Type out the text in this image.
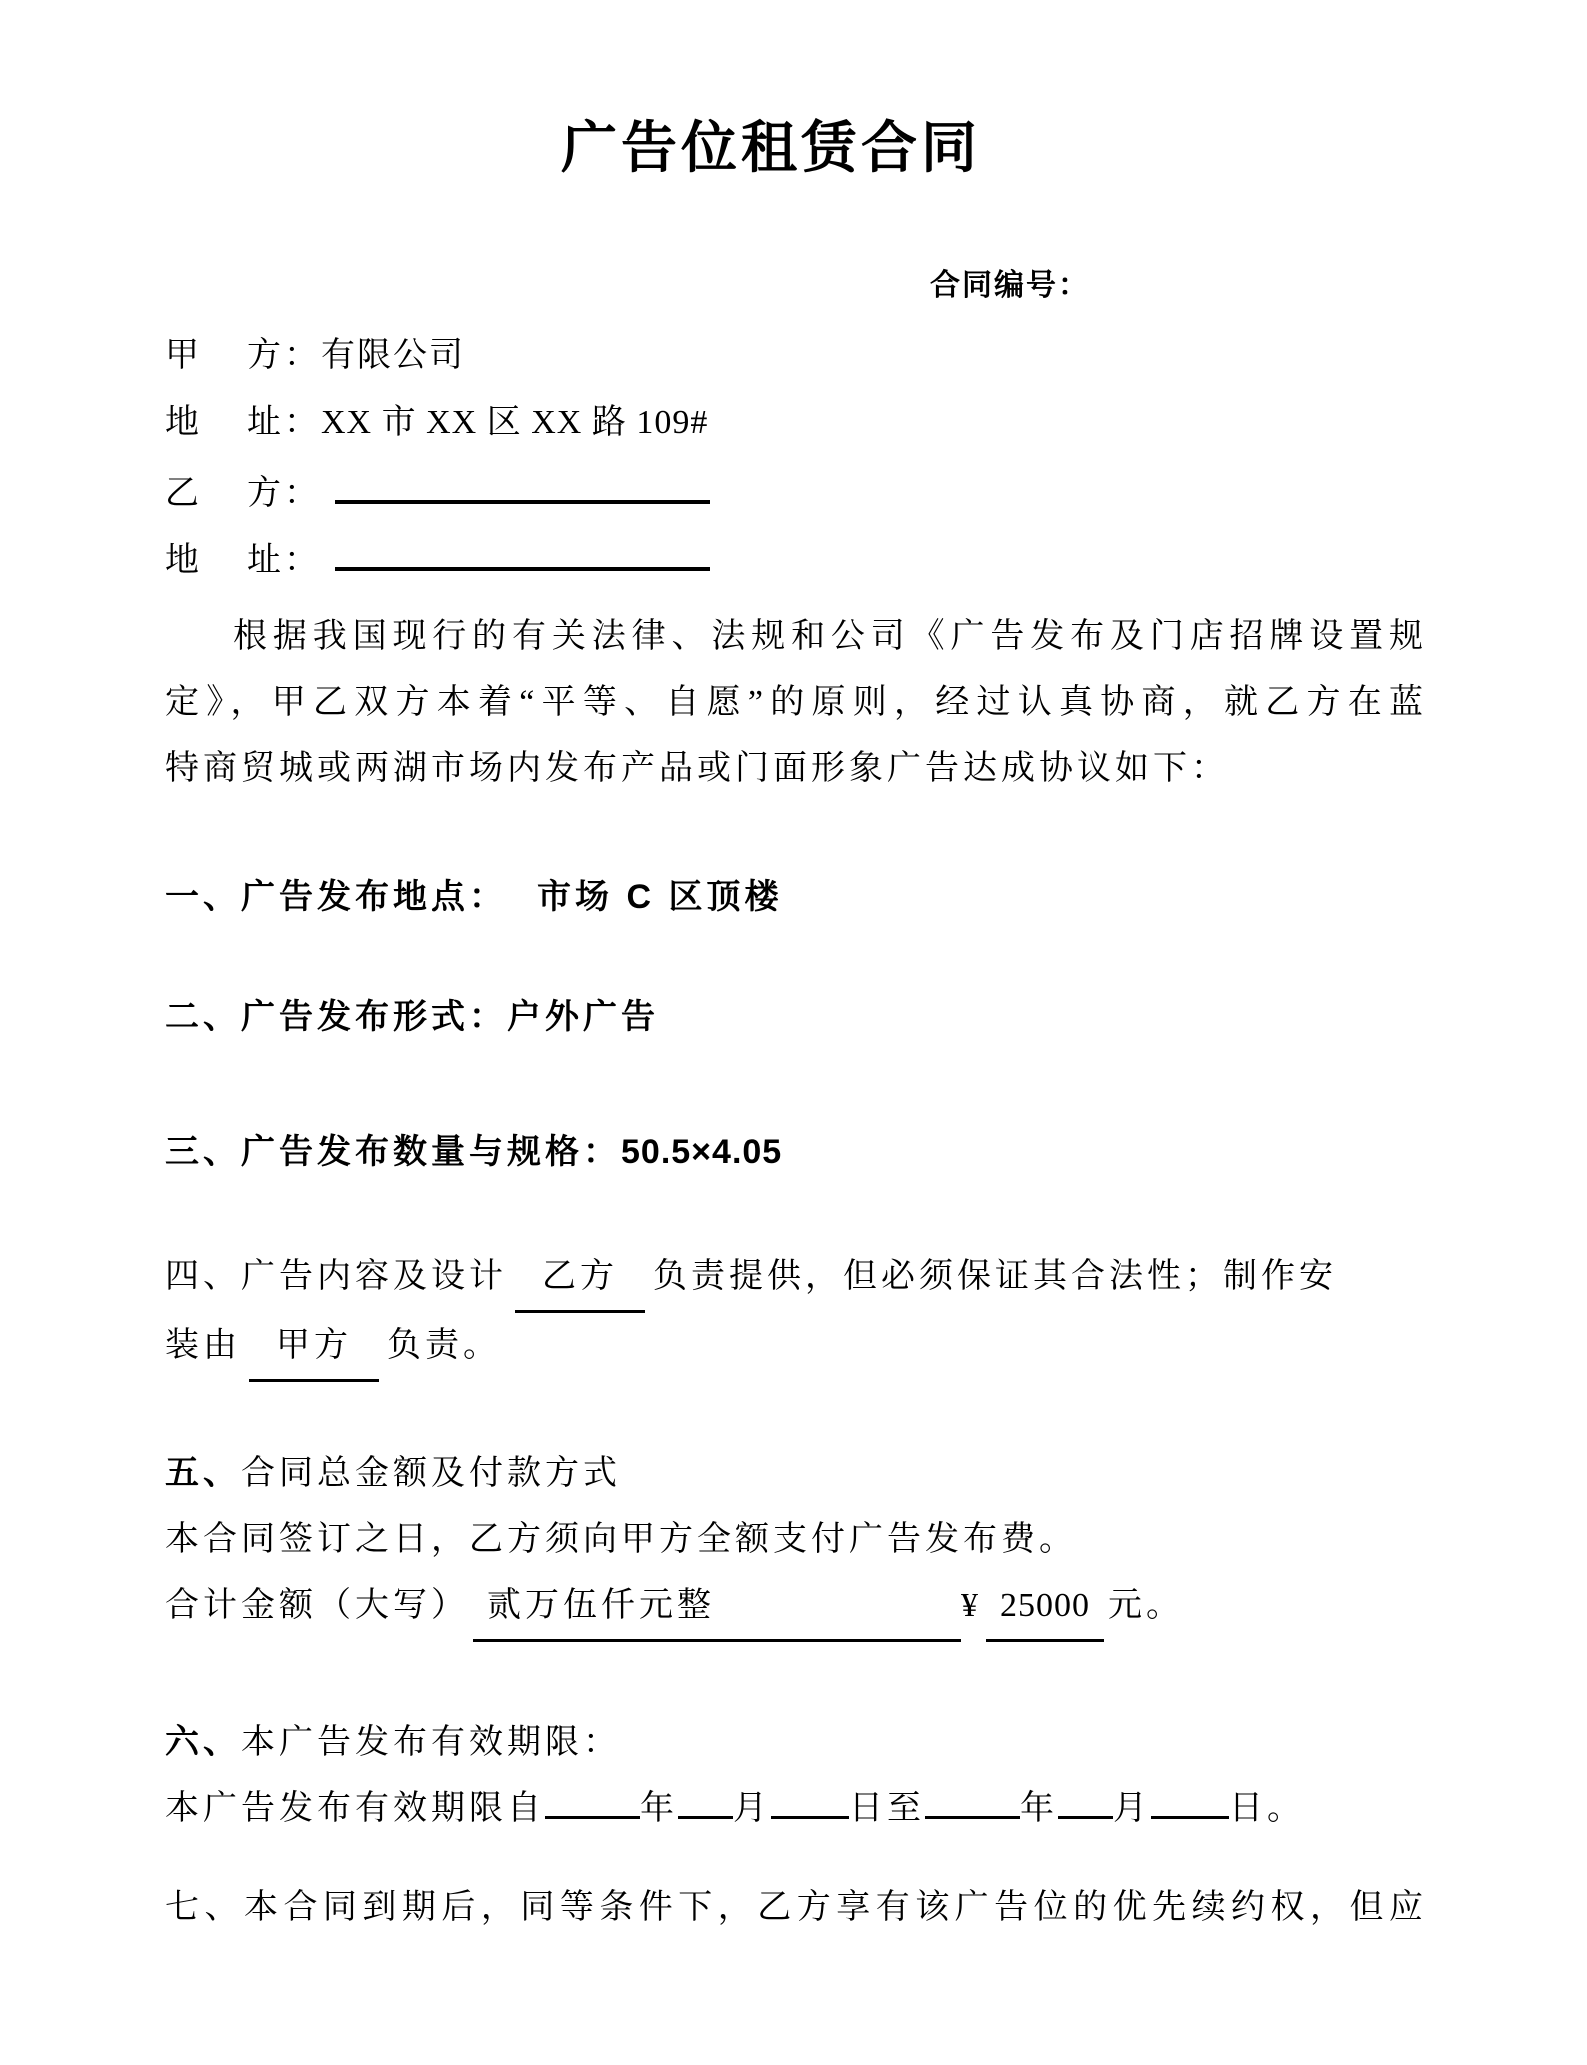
广告位租赁合同
合同编号：
甲 方：有限公司
地 址：XX 市 XX 区 XX 路 109#
乙 方：
地 址：
根据我国现行的有关法律、法规和公司《广告发布及门店招牌设置规
定》，甲乙双方本着“平等、自愿”的原则，经过认真协商，就乙方在蓝
特商贸城或两湖市场内发布产品或门面形象广告达成协议如下：
一、广告发布地点： 市场 C 区顶楼
二、广告发布形式：户外广告
三、广告发布数量与规格：50.5×4.05
四、广告内容及设计 乙方 负责提供，但必须保证其合法性；制作安
装由 甲方 负责。
五、合同总金额及付款方式
本合同签订之日，乙方须向甲方全额支付广告发布费。
合计金额（大写） 贰万伍仟元整	¥ 25000 元。
六、本广告发布有效期限：
本广告发布有效期限自	年 月 日至	年 月 日。
七、本合同到期后，同等条件下，乙方享有该广告位的优先续约权，但应
